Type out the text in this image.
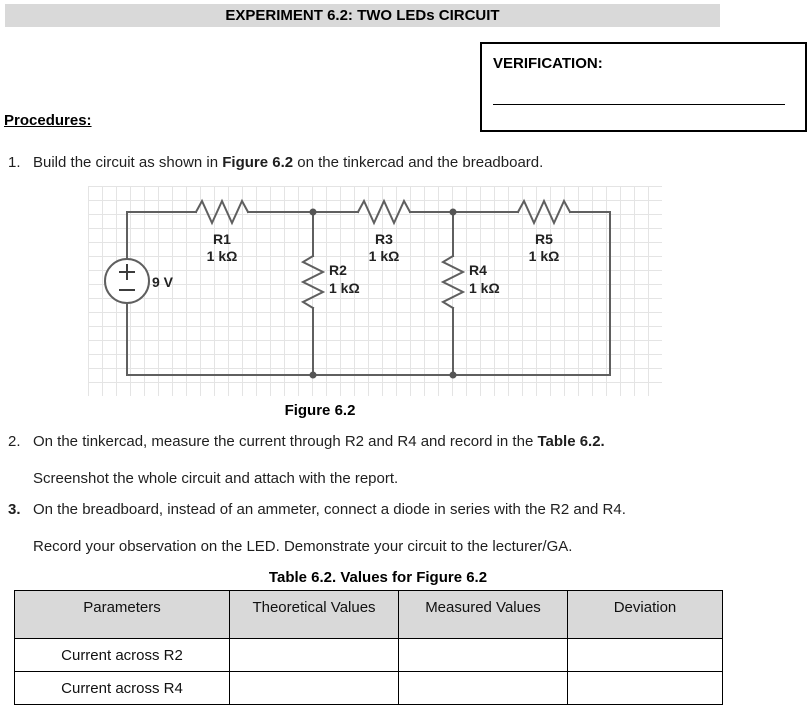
EXPERIMENT 6.2: TWO LEDs CIRCUIT
VERIFICATION:
Procedures:
1. Build the circuit as shown in Figure 6.2 on the tinkercad and the breadboard.
9 V
R1
1 kΩ
R3
1 kΩ
R5
1 kΩ
R2
1 kΩ
R4
1 kΩ
Figure 6.2
2. On the tinkercad, measure the current through R2 and R4 and record in the Table 6.2.
Screenshot the whole circuit and attach with the report.
3. On the breadboard, instead of an ammeter, connect a diode in series with the R2 and R4.
Record your observation on the LED. Demonstrate your circuit to the lecturer/GA.
Table 6.2. Values for Figure 6.2
Parameters	Theoretical Values	Measured Values	Deviation
Current across R2			
Current across R4			
